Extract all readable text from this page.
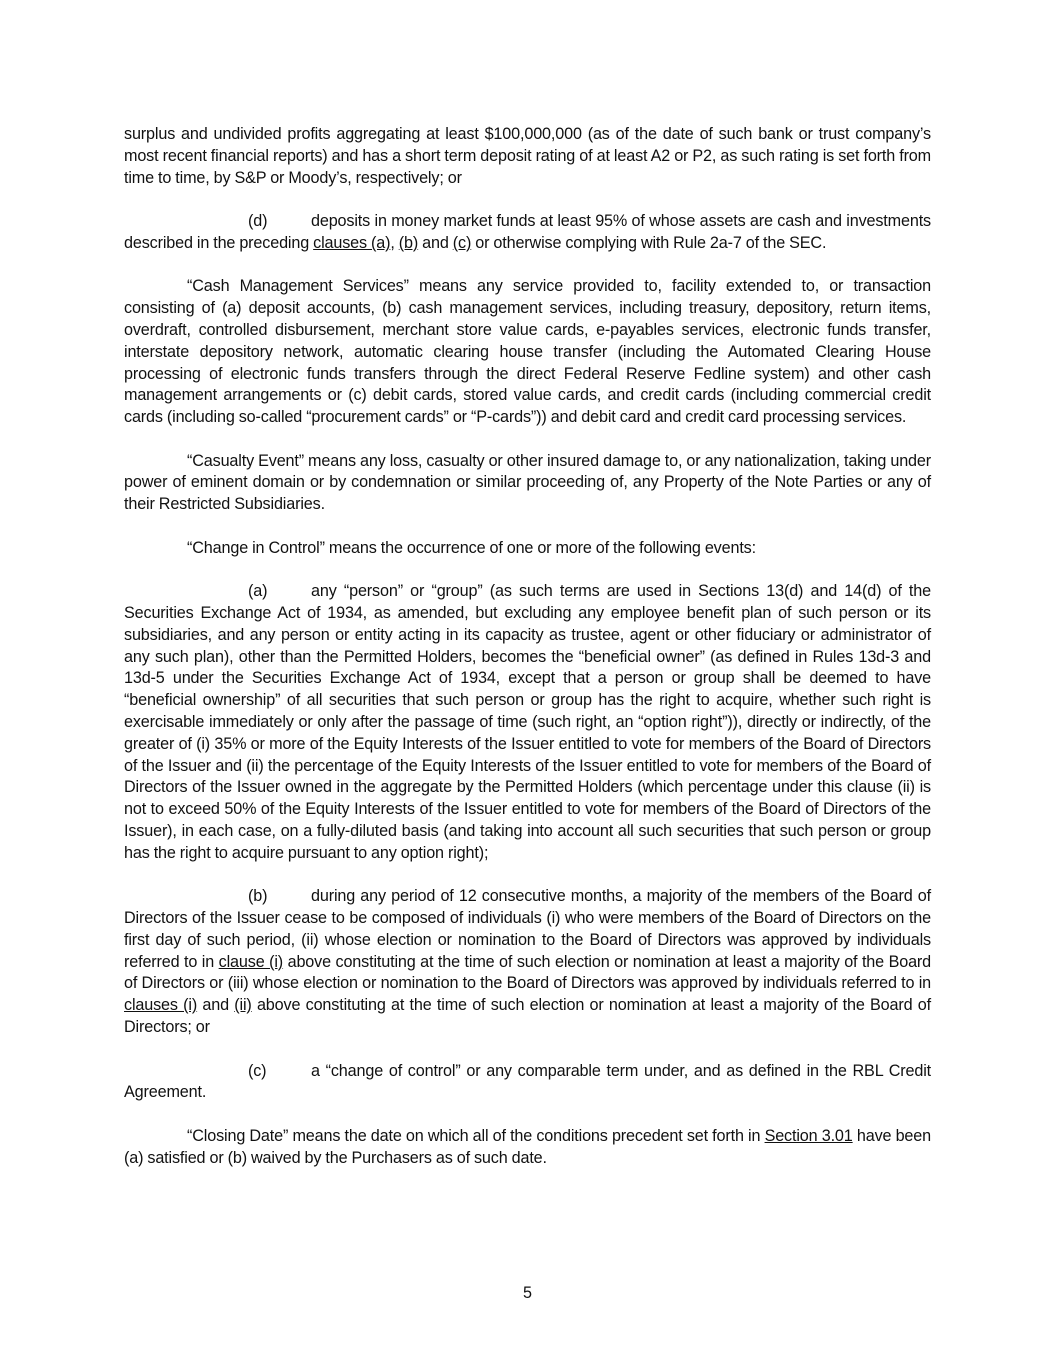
surplus and undivided profits aggregating at least $100,000,000 (as of the date of such bank or trust company’s most recent financial reports) and has a short term deposit rating of at least A2 or P2, as such rating is set forth from time to time, by S&P or Moody’s, respectively; or

(d)	deposits in money market funds at least 95% of whose assets are cash and investments described in the preceding clauses (a), (b) and (c) or otherwise complying with Rule 2a-7 of the SEC.

“Cash Management Services” means any service provided to, facility extended to, or transaction consisting of (a) deposit accounts, (b) cash management services, including treasury, depository, return items, overdraft, controlled disbursement, merchant store value cards, e-payables services, electronic funds transfer, interstate depository network, automatic clearing house transfer (including the Automated Clearing House processing of electronic funds transfers through the direct Federal Reserve Fedline system) and other cash management arrangements or (c) debit cards, stored value cards, and credit cards (including commercial credit cards (including so-called “procurement cards” or “P-cards”)) and debit card and credit card processing services.

“Casualty Event” means any loss, casualty or other insured damage to, or any nationalization, taking under power of eminent domain or by condemnation or similar proceeding of, any Property of the Note Parties or any of their Restricted Subsidiaries.

“Change in Control” means the occurrence of one or more of the following events:

(a)	any “person” or “group” (as such terms are used in Sections 13(d) and 14(d) of the Securities Exchange Act of 1934, as amended, but excluding any employee benefit plan of such person or its subsidiaries, and any person or entity acting in its capacity as trustee, agent or other fiduciary or administrator of any such plan), other than the Permitted Holders, becomes the “beneficial owner” (as defined in Rules 13d-3 and 13d-5 under the Securities Exchange Act of 1934, except that a person or group shall be deemed to have “beneficial ownership” of all securities that such person or group has the right to acquire, whether such right is exercisable immediately or only after the passage of time (such right, an “option right”)), directly or indirectly, of the greater of (i) 35% or more of the Equity Interests of the Issuer entitled to vote for members of the Board of Directors of the Issuer and (ii) the percentage of the Equity Interests of the Issuer entitled to vote for members of the Board of Directors of the Issuer owned in the aggregate by the Permitted Holders (which percentage under this clause (ii) is not to exceed 50% of the Equity Interests of the Issuer entitled to vote for members of the Board of Directors of the Issuer), in each case, on a fully-diluted basis (and taking into account all such securities that such person or group has the right to acquire pursuant to any option right);

(b)	during any period of 12 consecutive months, a majority of the members of the Board of Directors of the Issuer cease to be composed of individuals (i) who were members of the Board of Directors on the first day of such period, (ii) whose election or nomination to the Board of Directors was approved by individuals referred to in clause (i) above constituting at the time of such election or nomination at least a majority of the Board of Directors or (iii) whose election or nomination to the Board of Directors was approved by individuals referred to in clauses (i) and (ii) above constituting at the time of such election or nomination at least a majority of the Board of Directors; or

(c)	a “change of control” or any comparable term under, and as defined in the RBL Credit Agreement.

“Closing Date” means the date on which all of the conditions precedent set forth in Section 3.01 have been (a) satisfied or (b) waived by the Purchasers as of such date.

5
